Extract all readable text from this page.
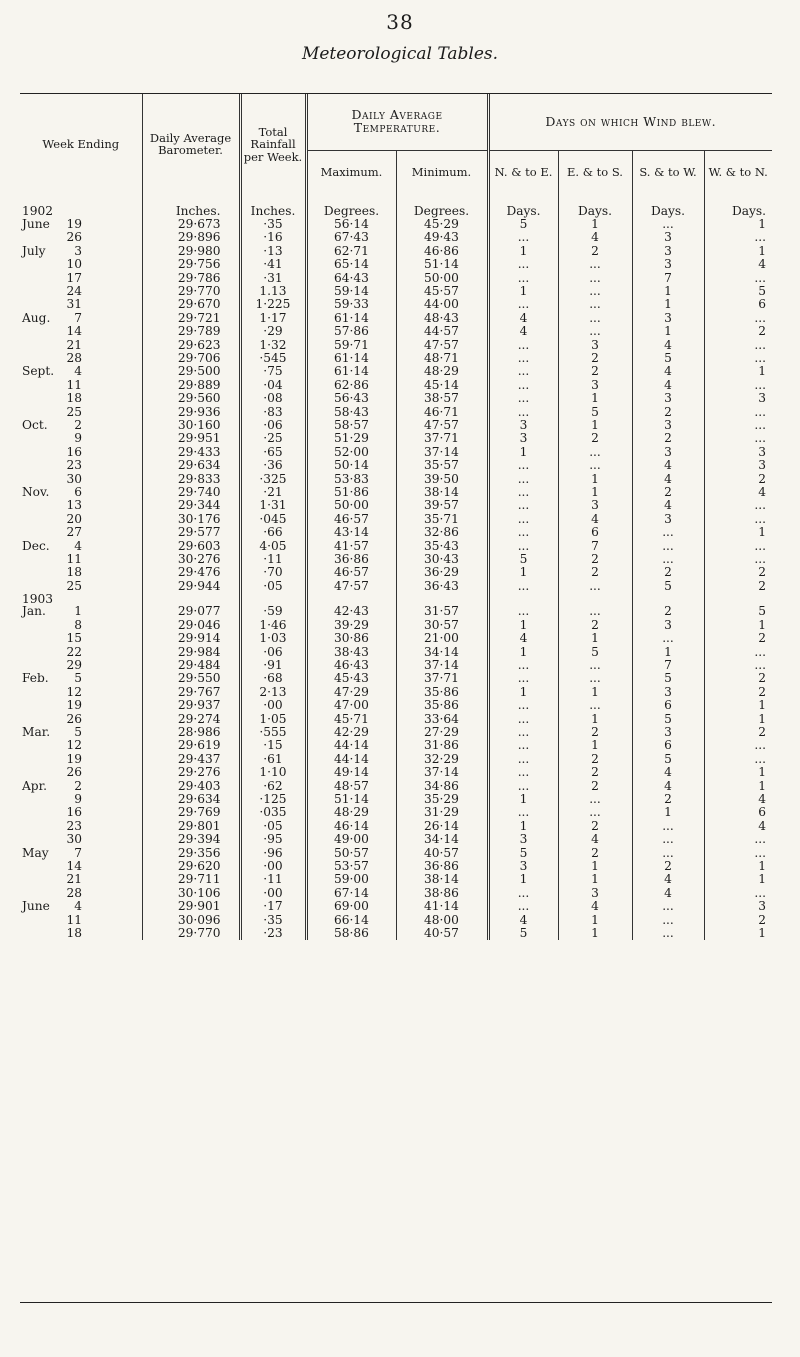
38
Meteorological Tables.
Week Ending	Daily Average Barometer.	Total Rainfall per Week.	Daily Average Temperature.		Days on which Wind blew.			
			Maximum.	Minimum.	N. & to E.	E. & to S.	S. & to W.	W. & to N.
1902	Inches.	Inches.	Degrees.	Degrees.	Days.	Days.	Days.	Days.
June 19	29·673	·35	56·14	45·29	5	1	...	1
26	29·896	·16	67·43	49·43	...	4	3	...
July 3	29·980	·13	62·71	46·86	1	2	3	1
10	29·756	·41	65·14	51·14	...	...	3	4
17	29·786	·31	64·43	50·00	...	...	7	...
24	29·770	1.13	59·14	45·57	1	...	1	5
31	29·670	1·225	59·33	44·00	...	...	1	6
Aug. 7	29·721	1·17	61·14	48·43	4	...	3	...
14	29·789	·29	57·86	44·57	4	...	1	2
21	29·623	1·32	59·71	47·57	...	3	4	...
28	29·706	·545	61·14	48·71	...	2	5	...
Sept. 4	29·500	·75	61·14	48·29	...	2	4	1
11	29·889	·04	62·86	45·14	...	3	4	...
18	29·560	·08	56·43	38·57	...	1	3	3
25	29·936	·83	58·43	46·71	...	5	2	...
Oct. 2	30·160	·06	58·57	47·57	3	1	3	...
9	29·951	·25	51·29	37·71	3	2	2	...
16	29·433	·65	52·00	37·14	1	...	3	3
23	29·634	·36	50·14	35·57	...	...	4	3
30	29·833	·325	53·83	39·50	...	1	4	2
Nov. 6	29·740	·21	51·86	38·14	...	1	2	4
13	29·344	1·31	50·00	39·57	...	3	4	...
20	30·176	·045	46·57	35·71	...	4	3	...
27	29·577	·66	43·14	32·86	...	6	...	1
Dec. 4	29·603	4·05	41·57	35·43	...	7	...	...
11	30·276	·11	36·86	30·43	5	2	...	...
18	29·476	·70	46·57	36·29	1	2	2	2
25	29·944	·05	47·57	36·43	...	...	5	2
1903								
Jan. 1	29·077	·59	42·43	31·57	...	...	2	5
8	29·046	1·46	39·29	30·57	1	2	3	1
15	29·914	1·03	30·86	21·00	4	1	...	2
22	29·984	·06	38·43	34·14	1	5	1	...
29	29·484	·91	46·43	37·14	...	...	7	...
Feb. 5	29·550	·68	45·43	37·71	...	...	5	2
12	29·767	2·13	47·29	35·86	1	1	3	2
19	29·937	·00	47·00	35·86	...	...	6	1
26	29·274	1·05	45·71	33·64	...	1	5	1
Mar. 5	28·986	·555	42·29	27·29	...	2	3	2
12	29·619	·15	44·14	31·86	...	1	6	...
19	29·437	·61	44·14	32·29	...	2	5	...
26	29·276	1·10	49·14	37·14	...	2	4	1
Apr. 2	29·403	·62	48·57	34·86	...	2	4	1
9	29·634	·125	51·14	35·29	1	...	2	4
16	29·769	·035	48·29	31·29	...	...	1	6
23	29·801	·05	46·14	26·14	1	2	...	4
30	29·394	·95	49·00	34·14	3	4	...	...
May 7	29·356	·96	50·57	40·57	5	2	...	...
14	29·620	·00	53·57	36·86	3	1	2	1
21	29·711	·11	59·00	38·14	1	1	4	1
28	30·106	·00	67·14	38·86	...	3	4	...
June 4	29·901	·17	69·00	41·14	...	4	...	3
11	30·096	·35	66·14	48·00	4	1	...	2
18	29·770	·23	58·86	40·57	5	1	...	1
